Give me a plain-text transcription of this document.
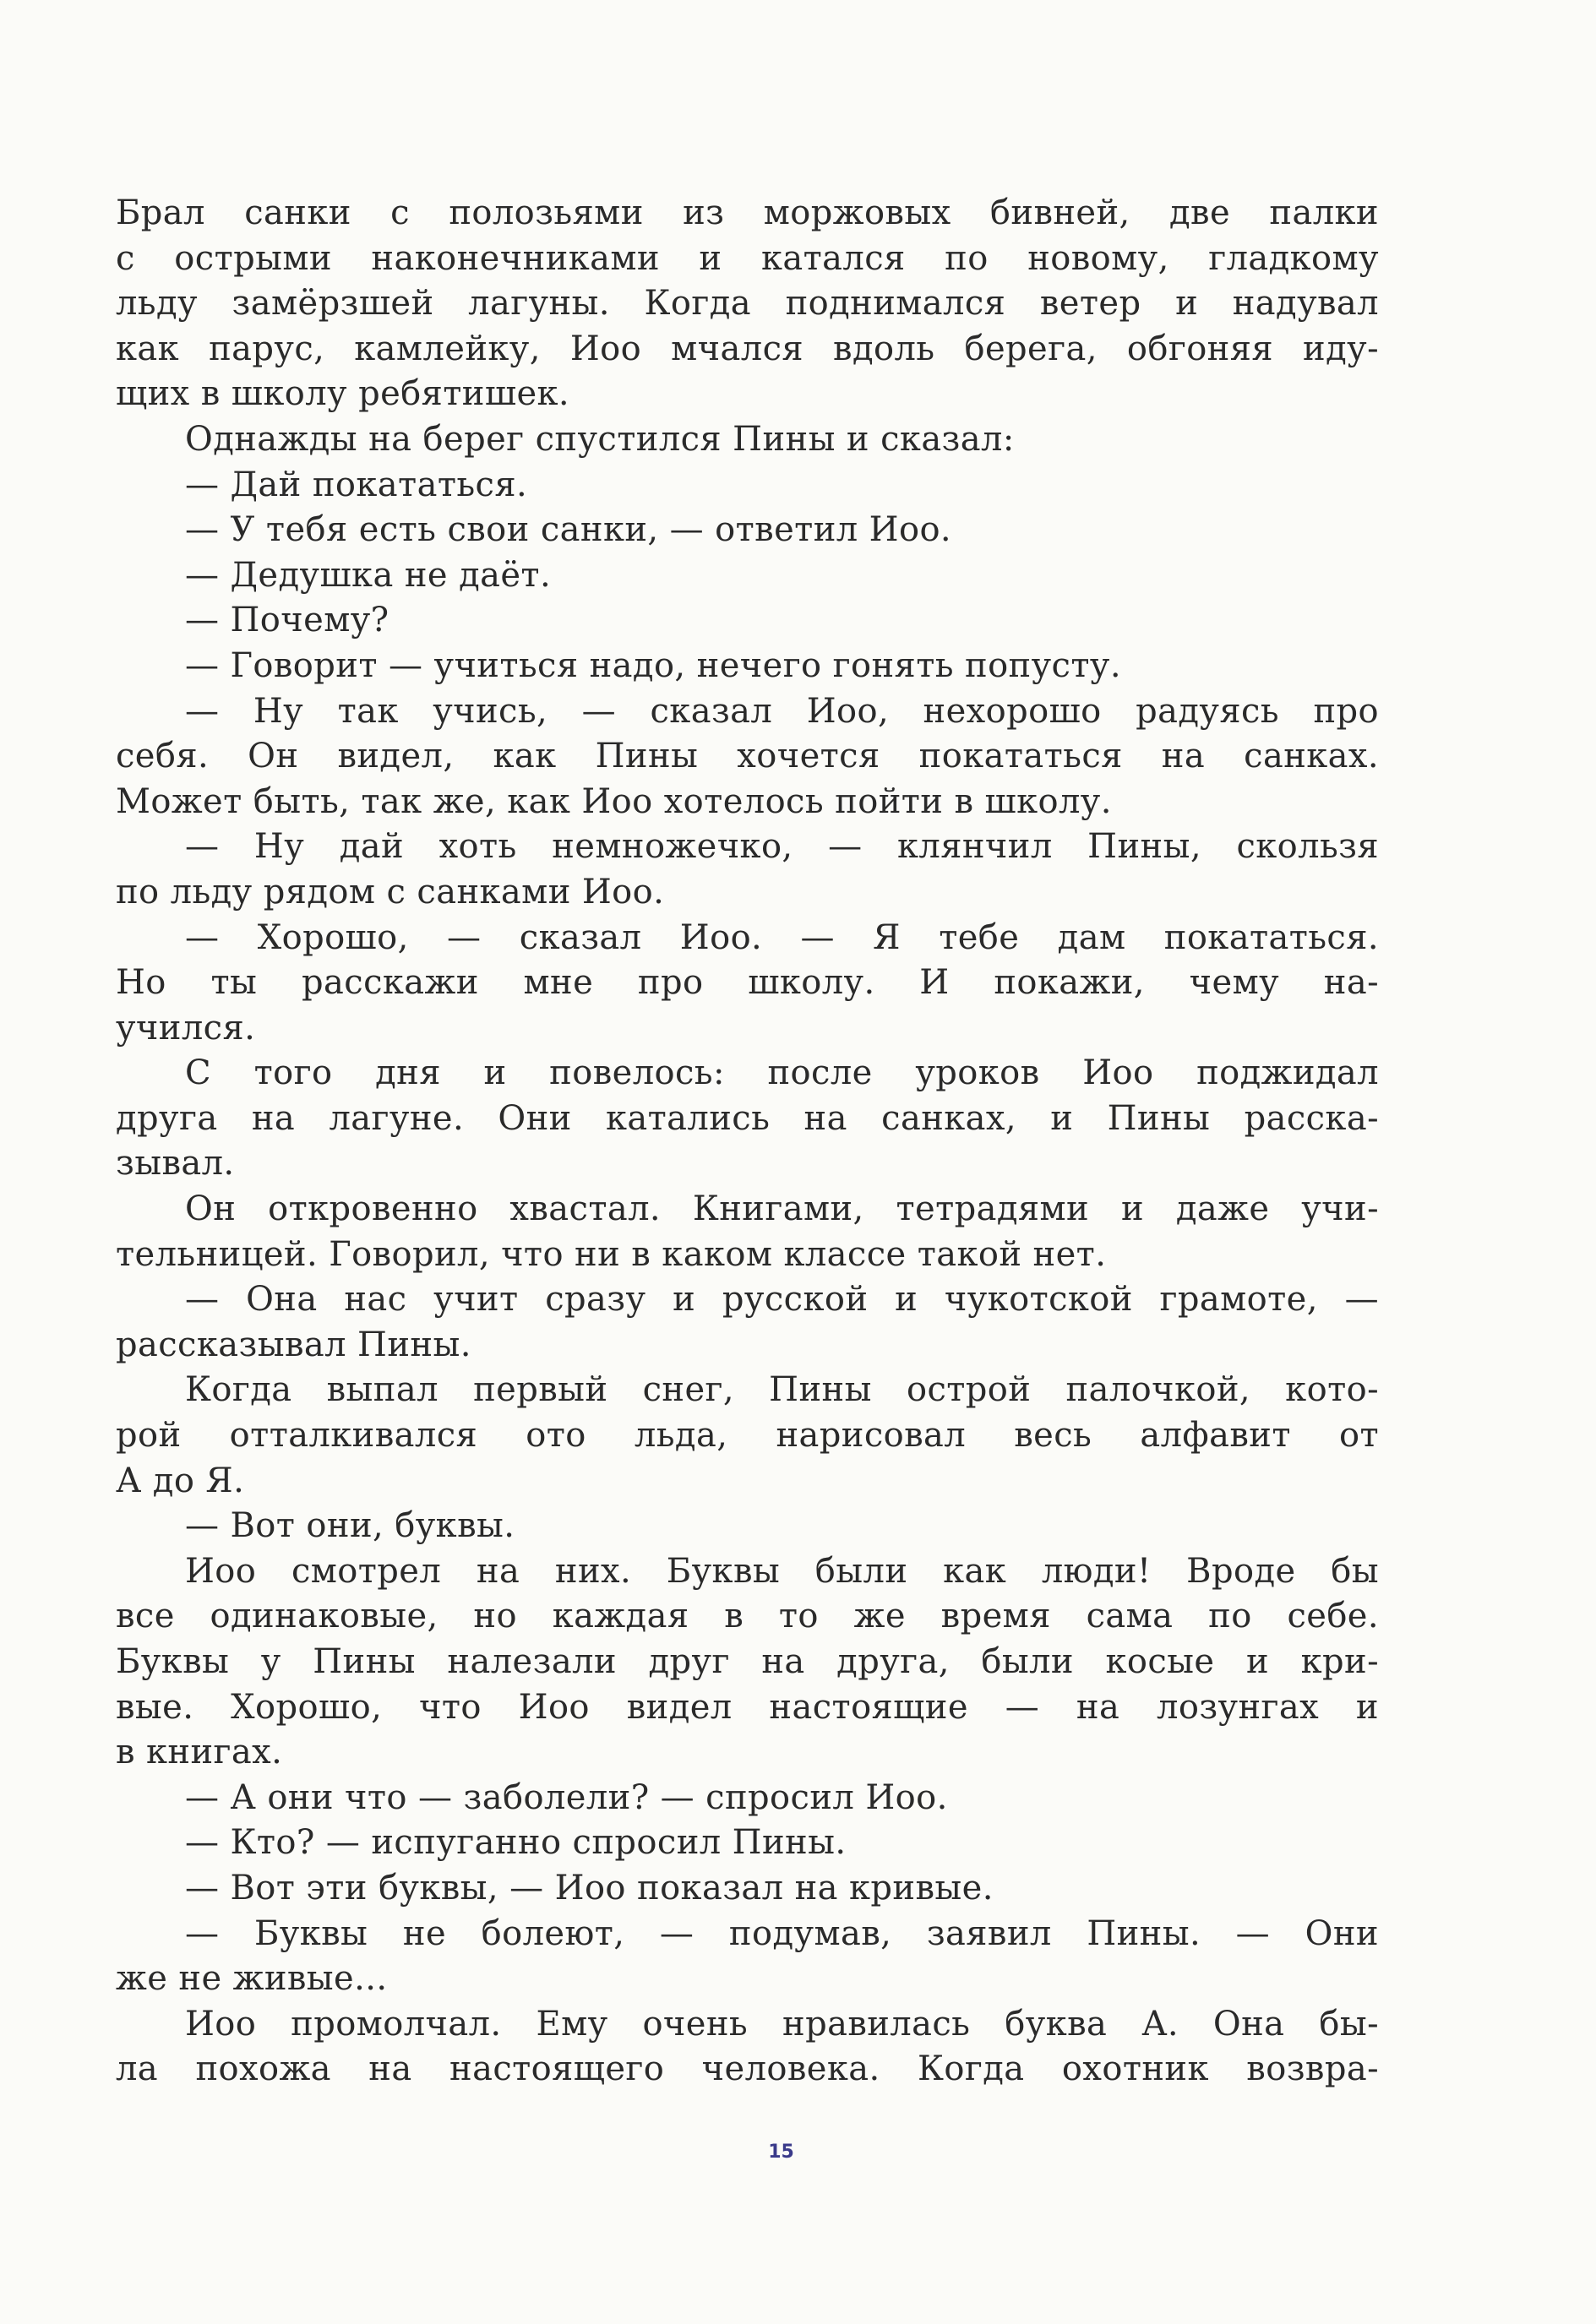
Брал санки с полозьями из моржовых бивней, две палки
с острыми наконечниками и катался по новому, гладкому
льду замёрзшей лагуны. Когда поднимался ветер и надувал
как парус, камлейку, Иоо мчался вдоль берега, обгоняя иду-
щих в школу ребятишек.
Однажды на берег спустился Пины и сказал:
— Дай покататься.
— У тебя есть свои санки, — ответил Иоо.
— Дедушка не даёт.
— Почему?
— Говорит — учиться надо, нечего гонять попусту.
— Ну так учись, — сказал Иоо, нехорошо радуясь про
себя. Он видел, как Пины хочется покататься на санках.
Может быть, так же, как Иоо хотелось пойти в школу.
— Ну дай хоть немножечко, — клянчил Пины, скользя
по льду рядом с санками Иоо.
— Хорошо, — сказал Иоо. — Я тебе дам покататься.
Но ты расскажи мне про школу. И покажи, чему на-
учился.
С того дня и повелось: после уроков Иоо поджидал
друга на лагуне. Они катались на санках, и Пины расска-
зывал.
Он откровенно хвастал. Книгами, тетрадями и даже учи-
тельницей. Говорил, что ни в каком классе такой нет.
— Она нас учит сразу и русской и чукотской грамоте, —
рассказывал Пины.
Когда выпал первый снег, Пины острой палочкой, кото-
рой отталкивался ото льда, нарисовал весь алфавит от
А до Я.
— Вот они, буквы.
Иоо смотрел на них. Буквы были как люди! Вроде бы
все одинаковые, но каждая в то же время сама по себе.
Буквы у Пины налезали друг на друга, были косые и кри-
вые. Хорошо, что Иоо видел настоящие — на лозунгах и
в книгах.
— А они что — заболели? — спросил Иоо.
— Кто? — испуганно спросил Пины.
— Вот эти буквы, — Иоо показал на кривые.
— Буквы не болеют, — подумав, заявил Пины. — Они
же не живые...
Иоо промолчал. Ему очень нравилась буква А. Она бы-
ла похожа на настоящего человека. Когда охотник возвра-
15
